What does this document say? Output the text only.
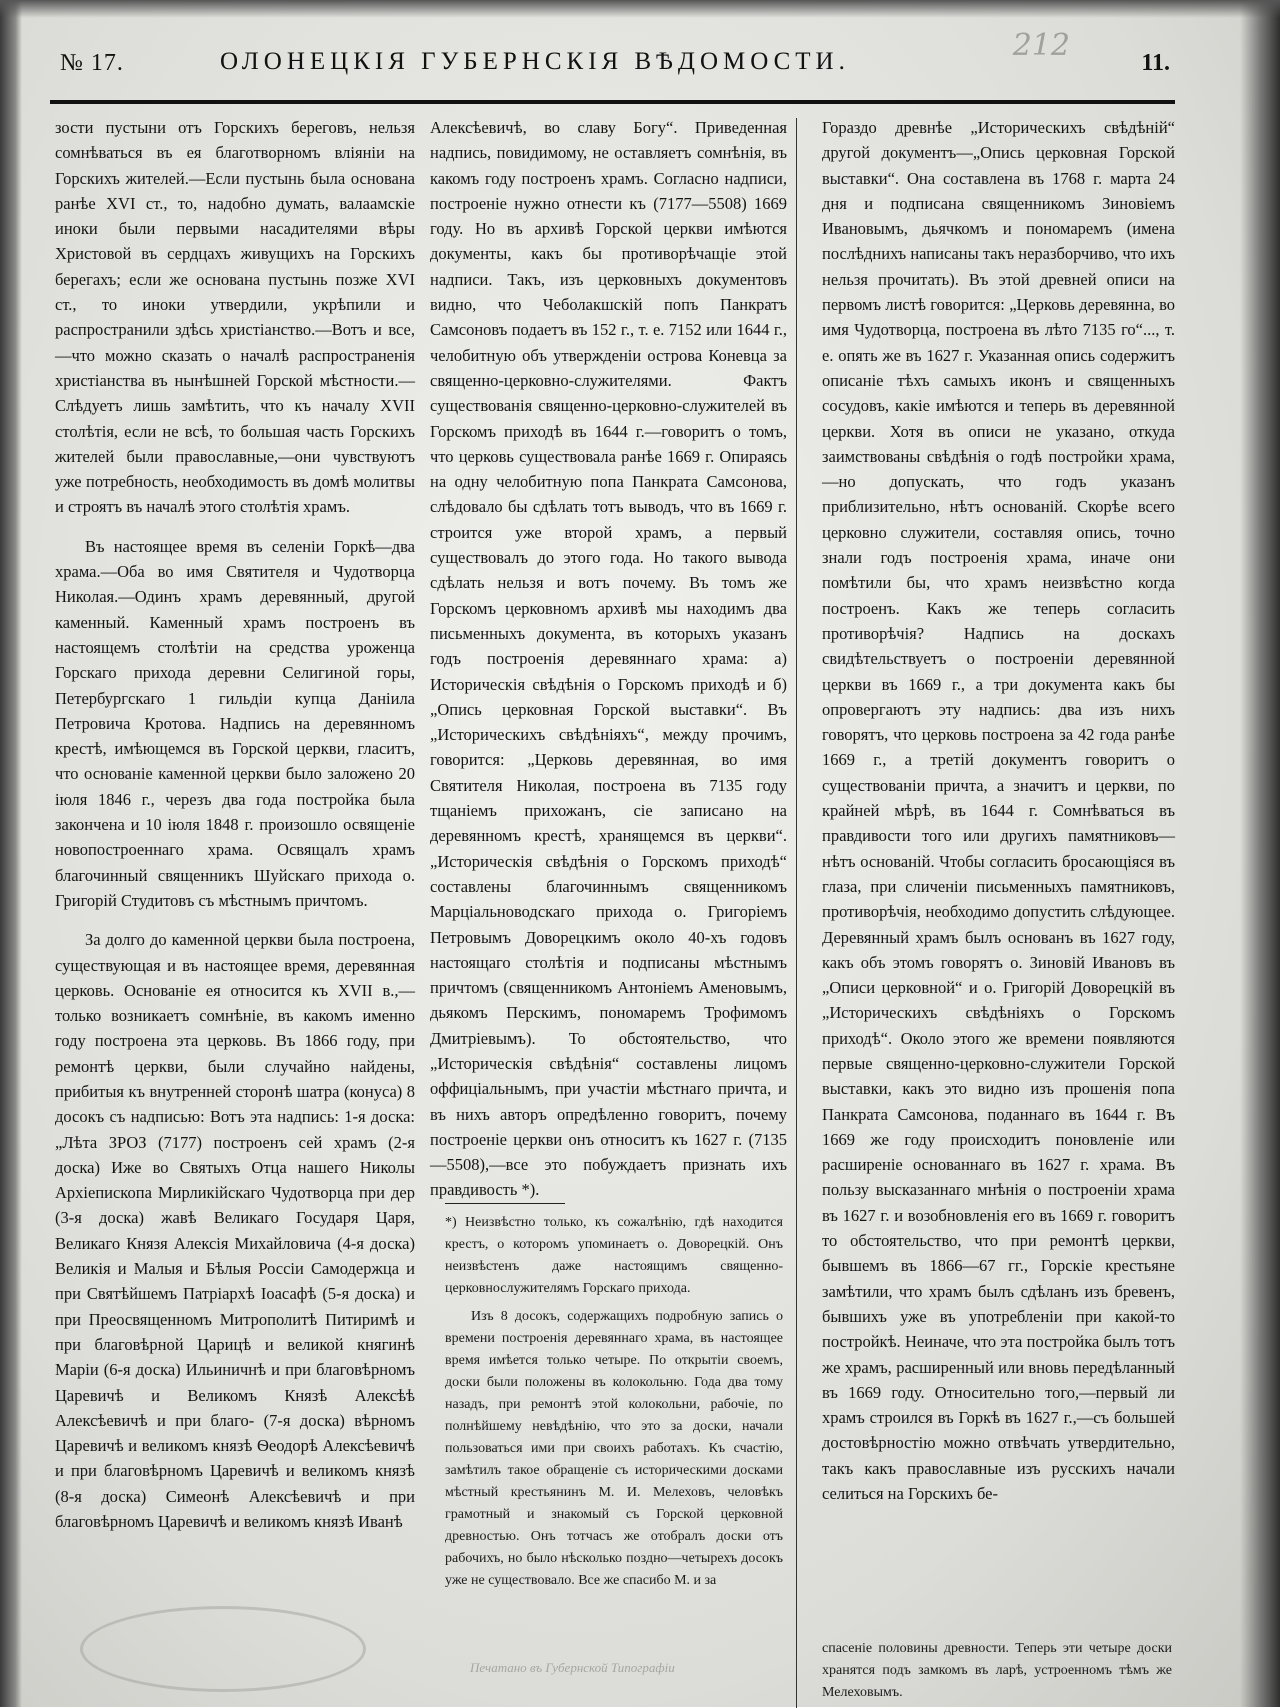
№ 17.	ОЛОНЕЦКІЯ ГУБЕРНСКІЯ ВѢДОМОСТИ.	212	11.

зости пустыни отъ Горскихъ береговъ, нельзя сомнѣваться въ ея благотворномъ вліяніи на Горскихъ жителей.—Если пустынь была основана ранѣе XVI ст., то, надобно думать, валаамскіе иноки были первыми насадителями вѣры Христовой въ сердцахъ живущихъ на Горскихъ берегахъ; если же основана пустынь позже XVI ст., то иноки утвердили, укрѣпили и распространили здѣсь христіанство.—Вотъ и все,—что можно сказать о началѣ распространенія христіанства въ нынѣшней Горской мѣстности.—Слѣдуетъ лишь замѣтить, что къ началу XVII столѣтія, если не всѣ, то большая часть Горскихъ жителей были православные,—они чувствуютъ уже потребность, необходимость въ домѣ молитвы и строятъ въ началѣ этого столѣтія храмъ.

Въ настоящее время въ селеніи Горкѣ—два храма.—Оба во имя Святителя и Чудотворца Николая.—Одинъ храмъ деревянный, другой каменный. Каменный храмъ построенъ въ настоящемъ столѣтіи на средства уроженца Горскаго прихода деревни Селигиной горы, Петербургскаго 1 гильдіи купца Даніила Петровича Кротова. Надпись на деревянномъ крестѣ, имѣющемся въ Горской церкви, гласитъ, что основаніе каменной церкви было заложено 20 іюля 1846 г., черезъ два года постройка была закончена и 10 іюля 1848 г. произошло освященіе новопостроеннаго храма. Освящалъ храмъ благочинный священникъ Шуйскаго прихода о. Григорій Студитовъ съ мѣстнымъ причтомъ.

За долго до каменной церкви была построена, существующая и въ настоящее время, деревянная церковь. Основаніе ея относится къ XVII в.,—только возникаетъ сомнѣніе, въ какомъ именно году построена эта церковь. Въ 1866 году, при ремонтѣ церкви, были случайно найдены, прибитыя къ внутренней сторонѣ шатра (конуса) 8 досокъ съ надписью: Вотъ эта надпись: 1-я доска: „Лѣта ЗРОЗ (7177) построенъ сей храмъ (2-я доска) Иже во Святыхъ Отца нашего Николы Архіепископа Мирликійскаго Чудотворца при дер (3-я доска) жавѣ Великаго Государя Царя, Великаго Князя Алексія Михайловича (4-я доска) Великія и Малыя и Бѣлыя Россіи Самодержца и при Святѣйшемъ Патріархѣ Іоасафѣ (5-я доска) и при Преосвященномъ Митрополитѣ Питиримѣ и при благовѣрной Царицѣ и великой княгинѣ Маріи (6-я доска) Ильиничнѣ и при благовѣрномъ Царевичѣ и Великомъ Князѣ Алексѣѣ Алексѣевичѣ и при благо- (7-я доска) вѣрномъ Царевичѣ и великомъ князѣ Ѳеодорѣ Алексѣевичѣ и при благовѣрномъ Царевичѣ и великомъ князѣ (8-я доска) Симеонѣ Алексѣевичѣ и при благовѣрномъ Царевичѣ и великомъ князѣ Иванѣ

Алексѣевичѣ, во славу Богу“. Приведенная надпись, повидимому, не оставляетъ сомнѣнія, въ какомъ году построенъ храмъ. Согласно надписи, построеніе нужно отнести къ (7177—5508) 1669 году. Но въ архивѣ Горской церкви имѣются документы, какъ бы противорѣчащіе этой надписи. Такъ, изъ церковныхъ документовъ видно, что Чеболакшскій попъ Панкратъ Самсоновъ подаетъ въ 152 г., т. е. 7152 или 1644 г., челобитную объ утвержденіи острова Коневца за священно-церковно-служителями. Фактъ существованія священно-церковно-служителей въ Горскомъ приходѣ въ 1644 г.—говоритъ о томъ, что церковь существовала ранѣе 1669 г. Опираясь на одну челобитную попа Панкрата Самсонова, слѣдовало бы сдѣлать тотъ выводъ, что въ 1669 г. строится уже второй храмъ, а первый существовалъ до этого года. Но такого вывода сдѣлать нельзя и вотъ почему. Въ томъ же Горскомъ церковномъ архивѣ мы находимъ два письменныхъ документа, въ которыхъ указанъ годъ построенія деревяннаго храма: а) Историческія свѣдѣнія о Горскомъ приходѣ и б) „Опись церковная Горской выставки“. Въ „Историческихъ свѣдѣніяхъ“, между прочимъ, говорится: „Церковь деревянная, во имя Святителя Николая, построена въ 7135 году тщаніемъ прихожанъ, сіе записано на деревянномъ крестѣ, хранящемся въ церкви“. „Историческія свѣдѣнія о Горскомъ приходѣ“ составлены благочиннымъ священникомъ Марціальноводскаго прихода о. Григоріемъ Петровымъ Доворецкимъ около 40-хъ годовъ настоящаго столѣтія и подписаны мѣстнымъ причтомъ (священникомъ Антоніемъ Аменовымъ, дьякомъ Перскимъ, пономаремъ Трофимомъ Дмитріевымъ). То обстоятельство, что „Историческія свѣдѣнія“ составлены лицомъ оффиціальнымъ, при участіи мѣстнаго причта, и въ нихъ авторъ опредѣленно говоритъ, почему построеніе церкви онъ относитъ къ 1627 г. (7135—5508),—все это побуждаетъ признать ихъ правдивость *).

Гораздо древнѣе „Историческихъ свѣдѣній“ другой документъ—„Опись церковная Горской выставки“. Она составлена въ 1768 г. марта 24 дня и подписана священникомъ Зиновіемъ Ивановымъ, дьячкомъ и пономаремъ (имена послѣднихъ написаны такъ неразборчиво, что ихъ нельзя прочитать). Въ этой древней описи на первомъ листѣ говорится: „Церковь деревянна, во имя Чудотворца, построена въ лѣто 7135 го“..., т. е. опять же въ 1627 г. Указанная опись содержитъ описаніе тѣхъ самыхъ иконъ и священныхъ сосудовъ, какіе имѣются и теперь въ деревянной церкви. Хотя въ описи не указано, откуда заимствованы свѣдѣнія о годѣ постройки храма,—но допускать, что годъ указанъ приблизительно, нѣтъ основаній. Скорѣе всего церковно служители, составляя опись, точно знали годъ построенія храма, иначе они помѣтили бы, что храмъ неизвѣстно когда построенъ. Какъ же теперь согласить противорѣчія? Надпись на доскахъ свидѣтельствуетъ о построеніи деревянной церкви въ 1669 г., а три документа какъ бы опровергаютъ эту надпись: два изъ нихъ говорятъ, что церковь построена за 42 года ранѣе 1669 г., а третій документъ говоритъ о существованіи причта, а значитъ и церкви, по крайней мѣрѣ, въ 1644 г. Сомнѣваться въ правдивости того или другихъ памятниковъ—нѣтъ основаній. Чтобы согласить бросающіяся въ глаза, при сличеніи письменныхъ памятниковъ, противорѣчія, необходимо допустить слѣдующее. Деревянный храмъ былъ основанъ въ 1627 году, какъ объ этомъ говорятъ о. Зиновій Ивановъ въ „Описи церковной“ и о. Григорій Доворецкій въ „Историческихъ свѣдѣніяхъ о Горскомъ приходѣ“. Около этого же времени появляются первые священно-церковно-служители Горской выставки, какъ это видно изъ прошенія попа Панкрата Самсонова, поданнаго въ 1644 г. Въ 1669 же году происходитъ поновленіе или расширеніе основаннаго въ 1627 г. храма. Въ пользу высказаннаго мнѣнія о построеніи храма въ 1627 г. и возобновленія его въ 1669 г. говоритъ то обстоятельство, что при ремонтѣ церкви, бывшемъ въ 1866—67 гг., Горскіе крестьяне замѣтили, что храмъ былъ сдѣланъ изъ бревенъ, бывшихъ уже въ употребленіи при какой-то постройкѣ. Неиначе, что эта постройка былъ тотъ же храмъ, расширенный или вновь передѣланный въ 1669 году. Относительно того,—первый ли храмъ строился въ Горкѣ въ 1627 г.,—съ большей достовѣрностію можно отвѣчать утвердительно, такъ какъ православные изъ русскихъ начали селиться на Горскихъ бе-

*) Неизвѣстно только, къ сожалѣнію, гдѣ находится крестъ, о которомъ упоминаетъ о. Доворецкій. Онъ неизвѣстенъ даже настоящимъ священно-церковнослужителямъ Горскаго прихода.

Изъ 8 досокъ, содержащихъ подробную запись о времени построенія деревяннаго храма, въ настоящее время имѣется только четыре. По открытіи своемъ, доски были положены въ колокольню. Года два тому назадъ, при ремонтѣ этой колокольни, рабочіе, по полнѣйшему невѣдѣнію, что это за доски, начали пользоваться ими при своихъ работахъ. Къ счастію, замѣтилъ такое обращеніе съ историческими досками мѣстный крестьянинъ М. И. Мелеховъ, человѣкъ грамотный и знакомый съ Горской церковной древностью. Онъ тотчасъ же отобралъ доски отъ рабочихъ, но было нѣсколько поздно—четырехъ досокъ уже не существовало. Все же спасибо М. и за

спасеніе половины древности. Теперь эти четыре доски хранятся подъ замкомъ въ ларѣ, устроенномъ тѣмъ же Мелеховымъ.

Печатано въ Губернской Типографіи
